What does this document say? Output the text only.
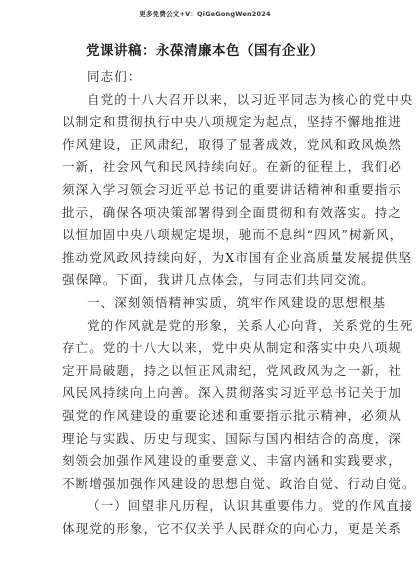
更多免费公文+V：QiGeGongWen2024
党课讲稿：永葆清廉本色（国有企业）
同志们：
自党的十八大召开以来，以习近平同志为核心的党中央
以制定和贯彻执行中央八项规定为起点，坚持不懈地推进
作风建设，正风肃纪，取得了显著成效，党风和政风焕然
一新，社会风气和民风持续向好。在新的征程上，我们必
须深入学习领会习近平总书记的重要讲话精神和重要指示
批示，确保各项决策部署得到全面贯彻和有效落实。持之
以恒加固中央八项规定堤坝，驰而不息纠“四风”树新风，
推动党风政风持续向好，为X市国有企业高质量发展提供坚
强保障。下面，我讲几点体会，与同志们共同交流。
一、深刻领悟精神实质，筑牢作风建设的思想根基
党的作风就是党的形象，关系人心向背，关系党的生死
存亡。党的十八大以来，党中央从制定和落实中央八项规
定开局破题，持之以恒正风肃纪，党风政风为之一新，社
风民风持续向上向善。深入贯彻落实习近平总书记关于加
强党的作风建设的重要论述和重要指示批示精神，必须从
理论与实践、历史与现实、国际与国内相结合的高度，深
刻领会加强作风建设的重要意义、丰富内涵和实践要求，
不断增强加强作风建设的思想自觉、政治自觉、行动自觉。
（一）回望非凡历程，认识其重要伟力。党的作风直接
体现党的形象，它不仅关乎人民群众的向心力，更是关系
